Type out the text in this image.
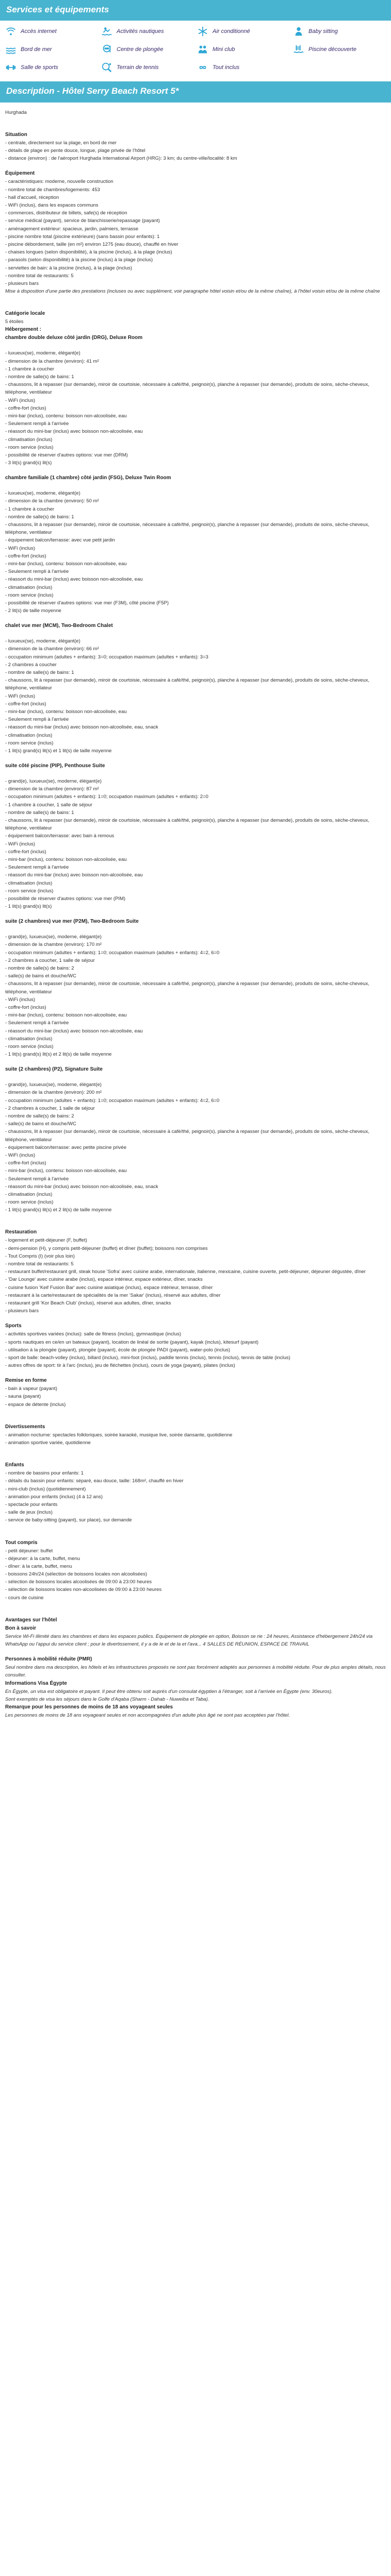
Services et équipements
Accès internet	Activités nautiques	Air conditionné	Baby sitting
Bord de mer	Centre de plongée	Mini club	Piscine découverte
Salle de sports	Terrain de tennis	Tout inclus
Description - Hôtel Serry Beach Resort 5*

Hurghada

Situation

- centrale, directement sur la plage, en bord de mer

- détails de plage en pente douce, longue, plage privée de l'hôtel

- distance (environ) : de l'aéroport Hurghada International Airport (HRG): 3 km; du centre-ville/localité: 8 km

Équipement

- caractéristiques: moderne, nouvelle construction

- nombre total de chambres/logements: 453

- hall d'accueil, réception

- WiFi (inclus), dans les espaces communs

- commerces, distributeur de billets, safe(s) de réception

- service médical (payant), service de blanchisserie/repassage (payant)

- aménagement extérieur: spacieux, jardin, palmiers, terrasse

- piscine nombre total (piscine extérieure) (sans bassin pour enfants): 1

- piscine débordement, taille (en m²) environ 1275 (eau douce), chauffé en hiver

- chaises longues (selon disponibilité), à la piscine (inclus), à la plage (inclus)

- parasols (selon disponibilité) à la piscine (inclus) à la plage (inclus)

- serviettes de bain: à la piscine (inclus), à la plage (inclus)

- nombre total de restaurants: 5

- plusieurs bars

Mise à disposition d'une partie des prestations (incluses ou avec supplément, voir paragraphe hôtel voisin et/ou de la même chaîne), à l'hôtel voisin et/ou de la même chaîne

Catégorie locale

5 étoiles

Hébergement :

chambre double deluxe côté jardin (DRG), Deluxe Room

- luxueux(se), moderne, élégant(e)

- dimension de la chambre (environ): 41 m²

- 1 chambre à coucher

- nombre de salle(s) de bains: 1

- chaussons, lit à repasser (sur demande), miroir de courtoisie, nécessaire à café/thé, peignoir(s), planche à repasser (sur demande), produits de soins, sèche-cheveux, téléphone, ventilateur

- WiFi (inclus)

- coffre-fort (inclus)

- mini-bar (inclus), contenu: boisson non-alcoolisée, eau

- Seulement rempli à l'arrivée

- réassort du mini-bar (inclus) avec boisson non-alcoolisée, eau

- climatisation (inclus)

- room service (inclus)

- possibilité de réserver d'autres options: vue mer (DRM)

- 3 lit(s) grand(s) lit(s)

chambre familiale (1 chambre) côté jardin (FSG), Deluxe Twin Room

- luxueux(se), moderne, élégant(e)

- dimension de la chambre (environ): 50 m²

- 1 chambre à coucher

- nombre de salle(s) de bains: 1

- chaussons, lit à repasser (sur demande), miroir de courtoisie, nécessaire à café/thé, peignoir(s), planche à repasser (sur demande), produits de soins, sèche-cheveux, téléphone, ventilateur

- équipement balcon/terrasse: avec vue petit jardin

- WiFi (inclus)

- coffre-fort (inclus)

- mini-bar (inclus), contenu: boisson non-alcoolisée, eau

- Seulement rempli à l'arrivée

- réassort du mini-bar (inclus) avec boisson non-alcoolisée, eau

- climatisation (inclus)

- room service (inclus)

- possibilité de réserver d'autres options: vue mer (F3M), côté piscine (F5P)

- 2 lit(s) de taille moyenne

chalet vue mer (MCM), Two-Bedroom Chalet

- luxueux(se), moderne, élégant(e)

- dimension de la chambre (environ): 66 m²

- occupation minimum (adultes + enfants): 3=0; occupation maximum (adultes + enfants): 3=3

- 2 chambres à coucher

- nombre de salle(s) de bains: 1

- chaussons, lit à repasser (sur demande), miroir de courtoisie, nécessaire à café/thé, peignoir(s), planche à repasser (sur demande), produits de soins, sèche-cheveux, téléphone, ventilateur

- WiFi (inclus)

- coffre-fort (inclus)

- mini-bar (inclus), contenu: boisson non-alcoolisée, eau

- Seulement rempli à l'arrivée

- réassort du mini-bar (inclus) avec boisson non-alcoolisée, eau, snack

- climatisation (inclus)

- room service (inclus)

- 1 lit(s) grand(s) lit(s) et 1 lit(s) de taille moyenne

suite côté piscine (PIP), Penthouse Suite

- grand(e), luxueux(se), moderne, élégant(e)

- dimension de la chambre (environ): 87 m²

- occupation minimum (adultes + enfants): 1=0; occupation maximum (adultes + enfants): 2=0

- 1 chambre à coucher, 1 salle de séjour

- nombre de salle(s) de bains: 1

- chaussons, lit à repasser (sur demande), miroir de courtoisie, nécessaire à café/thé, peignoir(s), planche à repasser (sur demande), produits de soins, sèche-cheveux, téléphone, ventilateur

- équipement balcon/terrasse: avec bain à remous

- WiFi (inclus)

- coffre-fort (inclus)

- mini-bar (inclus), contenu: boisson non-alcoolisée, eau

- Seulement rempli à l'arrivée

- réassort du mini-bar (inclus) avec boisson non-alcoolisée, eau

- climatisation (inclus)

- room service (inclus)

- possibilité de réserver d'autres options: vue mer (PIM)

- 1 lit(s) grand(s) lit(s)

suite (2 chambres) vue mer (P2M), Two-Bedroom Suite

- grand(e), luxueux(se), moderne, élégant(e)

- dimension de la chambre (environ): 170 m²

- occupation minimum (adultes + enfants): 1=0; occupation maximum (adultes + enfants): 4=2, 6=0

- 2 chambres à coucher, 1 salle de séjour

- nombre de salle(s) de bains: 2

- salle(s) de bains et douche/WC

- chaussons, lit à repasser (sur demande), miroir de courtoisie, nécessaire à café/thé, peignoir(s), planche à repasser (sur demande), produits de soins, sèche-cheveux, téléphone, ventilateur

- WiFi (inclus)

- coffre-fort (inclus)

- mini-bar (inclus), contenu: boisson non-alcoolisée, eau

- Seulement rempli à l'arrivée

- réassort du mini-bar (inclus) avec boisson non-alcoolisée, eau

- climatisation (inclus)

- room service (inclus)

- 1 lit(s) grand(s) lit(s) et 2 lit(s) de taille moyenne

suite (2 chambres) (P2), Signature Suite

- grand(e), luxueux(se), moderne, élégant(e)

- dimension de la chambre (environ): 200 m²

- occupation minimum (adultes + enfants): 1=0; occupation maximum (adultes + enfants): 4=2, 6=0

- 2 chambres à coucher, 1 salle de séjour

- nombre de salle(s) de bains: 2

- salle(s) de bains et douche/WC

- chaussons, lit à repasser (sur demande), miroir de courtoisie, nécessaire à café/thé, peignoir(s), planche à repasser (sur demande), produits de soins, sèche-cheveux, téléphone, ventilateur

- équipement balcon/terrasse: avec petite piscine privée

- WiFi (inclus)

- coffre-fort (inclus)

- mini-bar (inclus), contenu: boisson non-alcoolisée, eau

- Seulement rempli à l'arrivée

- réassort du mini-bar (inclus) avec boisson non-alcoolisée, eau, snack

- climatisation (inclus)

- room service (inclus)

- 1 lit(s) grand(s) lit(s) et 2 lit(s) de taille moyenne

Restauration

- logement et petit-déjeuner (F, buffet)

- demi-pension (H), y compris petit-déjeuner (buffet) et dîner (buffet); boissons non comprises

- Tout Compris (I) (voir plus loin)

- nombre total de restaurants: 5

- restaurant buffet/restaurant grill, steak house 'Sofra' avec cuisine arabe, internationale, italienne, mexicaine, cuisine ouverte, petit-déjeuner, déjeuner dégustée, dîner

- 'Dar Lounge' avec cuisine arabe (inclus), espace intérieur, espace extérieur, dîner, snacks

- cuisine fusion 'Keif Fusion Bar' avec cuisine asiatique (inclus), espace intérieur, terrasse, dîner

- restaurant à la carte/restaurant de spécialités de la mer 'Sakar' (inclus), réservé aux adultes, dîner

- restaurant grill 'Kor Beach Club' (inclus), réservé aux adultes, dîner, snacks

- plusieurs bars

Sports

- activités sportives variées (inclus): salle de fitness (inclus), gymnastique (inclus)

- sports nautiques en ce/en un bateaux (payant), location de linéal de sortie (payant), kayak (inclus), kitesurf (payant)

- utilisation à la plongée (payant), plongée (payant), école de plongée PADI (payant), water-polo (inclus)

- sport de balle: beach-volley (inclus), billard (inclus), mini-foot (inclus), paddle tennis (inclus), tennis (inclus), tennis de table (inclus)

- autres offres de sport: tir à l'arc (inclus), jeu de fléchettes (inclus), cours de yoga (payant), pilates (inclus)

Remise en forme

- bain à vapeur (payant)

- sauna (payant)

- espace de détente (inclus)

Divertissements

- animation nocturne: spectacles folkloriques, soirée karaoké, musique live, soirée dansante, quotidienne

- animation sportive variée, quotidienne

Enfants

- nombre de bassins pour enfants: 1

- détails du bassin pour enfants: séparé, eau douce, taille: 168m², chauffé en hiver

- mini-club (inclus) (quotidiennement)

- animation pour enfants (inclus) (4 à 12 ans)

- spectacle pour enfants

- salle de jeux (inclus)

- service de baby-sitting (payant), sur place), sur demande

Tout compris

- petit déjeuner: buffet

- déjeuner: à la carte, buffet, menu

- dîner: à la carte, buffet, menu

- boissons 24h/24 (sélection de boissons locales non alcoolisées)

- sélection de boissons locales alcoolisées de 09:00 à 23:00 heures

- sélection de boissons locales non-alcoolisées de 09:00 à 23:00 heures

- cours de cuisine

Avantages sur l'hôtel

Bon à savoir

Service Wi-Fi illimité dans les chambres et dans les espaces publics. Équipement de plongée en option, Boisson se rie : 24 heures, Assistance d'hébergement 24h/24 via WhatsApp ou l'appui du service client ; pour le divertissement, il y a de le et de la et l'ava... 4 SALLES DE RÉUNION, ESPACE DE TRAVAIL

Personnes à mobilité réduite (PMR)

Seul nombre dans ma description, les hôtels et les infrastructures proposés ne sont pas forcément adaptés aux personnes à mobilité réduite. Pour de plus amples détails, nous consulter.

Informations Visa Égypte

En Égypte, un visa est obligatoire et payant. Il peut être obtenu soit auprès d'un consulat égyptien à l'étranger, soit à l'arrivée en Égypte (env. 30euros).

Sont exemptés de visa les séjours dans le Golfe d'Aqaba (Sharm - Dahab - Nuweiba et Taba).

Remarque pour les personnes de moins de 18 ans voyageant seules

Les personnes de moins de 18 ans voyageant seules et non accompagnées d'un adulte plus âgé ne sont pas acceptées par l'hôtel.
